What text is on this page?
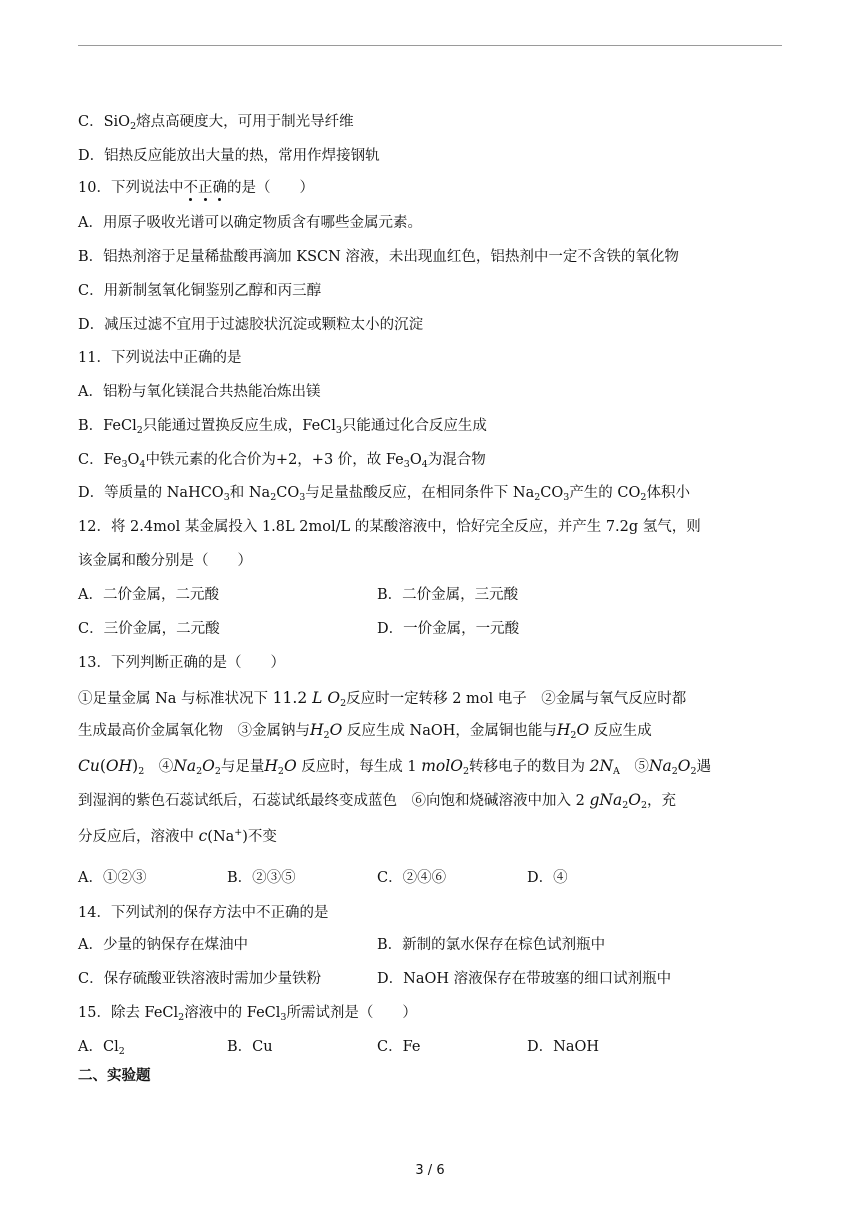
C．SiO$_2$熔点高硬度大，可用于制光导纤维
D．铝热反应能放出大量的热，常用作焊接钢轨
10．下列说法中不正确的是（　　）
A．用原子吸收光谱可以确定物质含有哪些金属元素。
B．铝热剂溶于足量稀盐酸再滴加 KSCN 溶液，未出现血红色，铝热剂中一定不含铁的氧化物
C．用新制氢氧化铜鉴别乙醇和丙三醇
D．减压过滤不宜用于过滤胶状沉淀或颗粒太小的沉淀
11．下列说法中正确的是
A．铝粉与氧化镁混合共热能冶炼出镁
B．FeCl$_2$只能通过置换反应生成，FeCl$_3$只能通过化合反应生成
C．$Fe_3O_4$中铁元素的化合价为+2，+3 价，故 $Fe_3O_4$为混合物
D．等质量的 NaHCO$_3$和 $Na_2CO_3$与足量盐酸反应，在相同条件下 $Na_2CO_3$产生的 $CO_2$体积小
12．将 2.4mol 某金属投入 1.8L 2mol/L 的某酸溶液中，恰好完全反应，并产生 7.2g 氢气，则
该金属和酸分别是（　　）
A．二价金属，二元酸	B．二价金属，三元酸
C．三价金属，二元酸	D．一价金属，一元酸
13．下列判断正确的是（　　）
①足量金属 Na 与标准状况下 11.2 L $O_2$反应时一定转移 2 mol 电子　②金属与氧气反应时都
生成最高价金属氧化物　③金属钠与$H_2O$ 反应生成 NaOH，金属铜也能与$H_2O$ 反应生成
$Cu(OH)_2$　$④Na_2O_2$与足量$H_2O$ 反应时，每生成 1 molO$_2$转移电子的数目为 $2N_A$　$⑤Na_2O_2$遇
到湿润的紫色石蕊试纸后，石蕊试纸最终变成蓝色　⑥向饱和烧碱溶液中加入 2 $gNa_2O_2$，充
分反应后，溶液中 c(Na+)不变
A．①②③	B．②③⑤	C．②④⑥	D．④
14．下列试剂的保存方法中不正确的是
A．少量的钠保存在煤油中	B．新制的氯水保存在棕色试剂瓶中
C．保存硫酸亚铁溶液时需加少量铁粉	D．NaOH 溶液保存在带玻塞的细口试剂瓶中
15．除去 FeCl$_2$溶液中的 FeCl$_3$所需试剂是（　　）
A．$Cl_2$	B．Cu	C．Fe	D．NaOH
二、实验题
3 / 6
